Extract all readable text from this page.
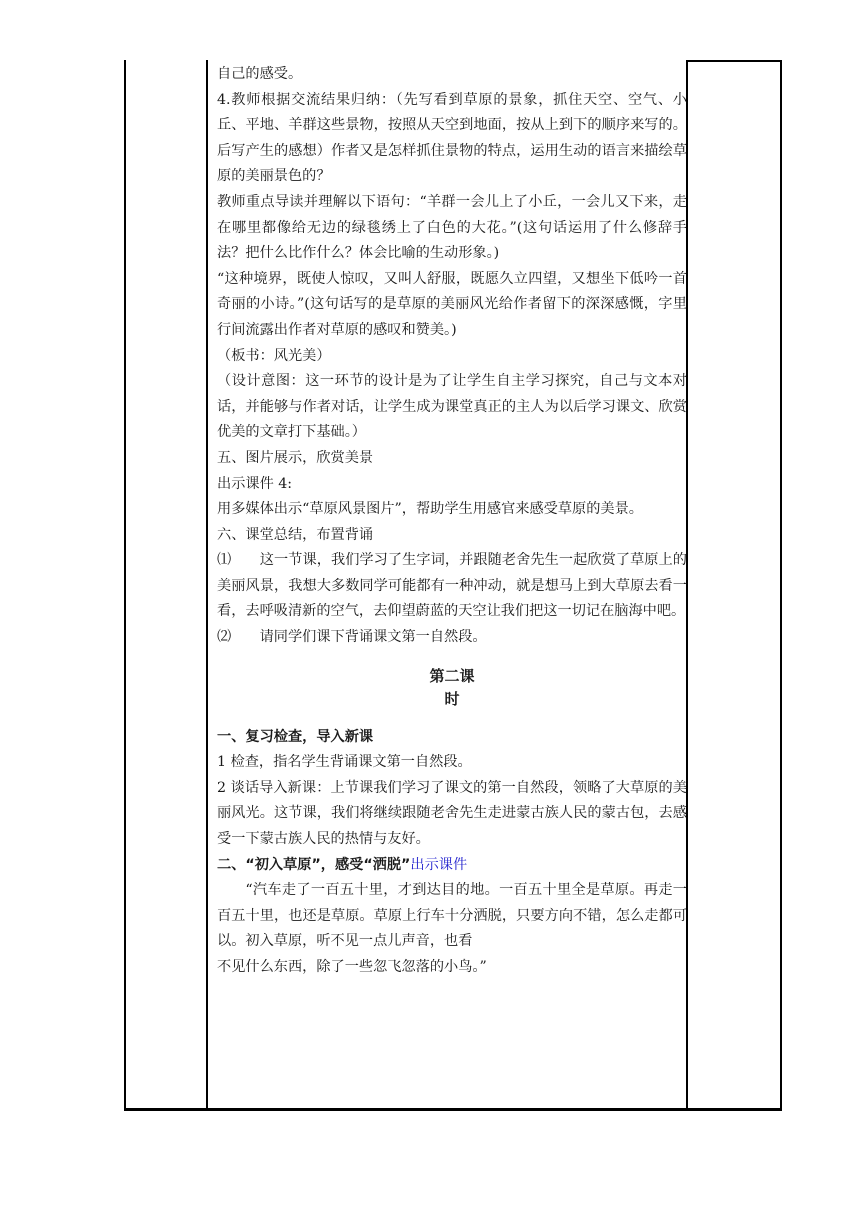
自己的感受。

4.教师根据交流结果归纳：（先写看到草原的景象，抓住天空、空气、小丘、平地、羊群这些景物，按照从天空到地面，按从上到下的顺序来写的。后写产生的感想）作者又是怎样抓住景物的特点，运用生动的语言来描绘草原的美丽景色的？

教师重点导读并理解以下语句：“羊群一会儿上了小丘，一会儿又下来，走在哪里都像给无边的绿毯绣上了白色的大花。”(这句话运用了什么修辞手法？把什么比作什么？体会比喻的生动形象。)

“这种境界，既使人惊叹，又叫人舒服，既愿久立四望，又想坐下低吟一首奇丽的小诗。”(这句话写的是草原的美丽风光给作者留下的深深感慨，字里行间流露出作者对草原的感叹和赞美。)

（板书：风光美）

（设计意图：这一环节的设计是为了让学生自主学习探究，自己与文本对话，并能够与作者对话，让学生成为课堂真正的主人为以后学习课文、欣赏优美的文章打下基础。）

五、图片展示，欣赏美景

出示课件 4:

用多媒体出示“草原风景图片”，帮助学生用感官来感受草原的美景。

六、课堂总结，布置背诵

⑴　　这一节课，我们学习了生字词，并跟随老舍先生一起欣赏了草原上的美丽风景，我想大多数同学可能都有一种冲动，就是想马上到大草原去看一看，去呼吸清新的空气，去仰望蔚蓝的天空让我们把这一切记在脑海中吧。

⑵　　请同学们课下背诵课文第一自然段。

第二课

时

一、复习检查，导入新课

1 检查，指名学生背诵课文第一自然段。

2 谈话导入新课：上节课我们学习了课文的第一自然段，领略了大草原的美丽风光。这节课，我们将继续跟随老舍先生走进蒙古族人民的蒙古包，去感受一下蒙古族人民的热情与友好。

二、“初入草原”，感受“洒脱”出示课件

“汽车走了一百五十里，才到达目的地。一百五十里全是草原。再走一百五十里，也还是草原。草原上行车十分洒脱，只要方向不错，怎么走都可以。初入草原，听不见一点儿声音，也看

不见什么东西，除了一些忽飞忽落的小鸟。”
